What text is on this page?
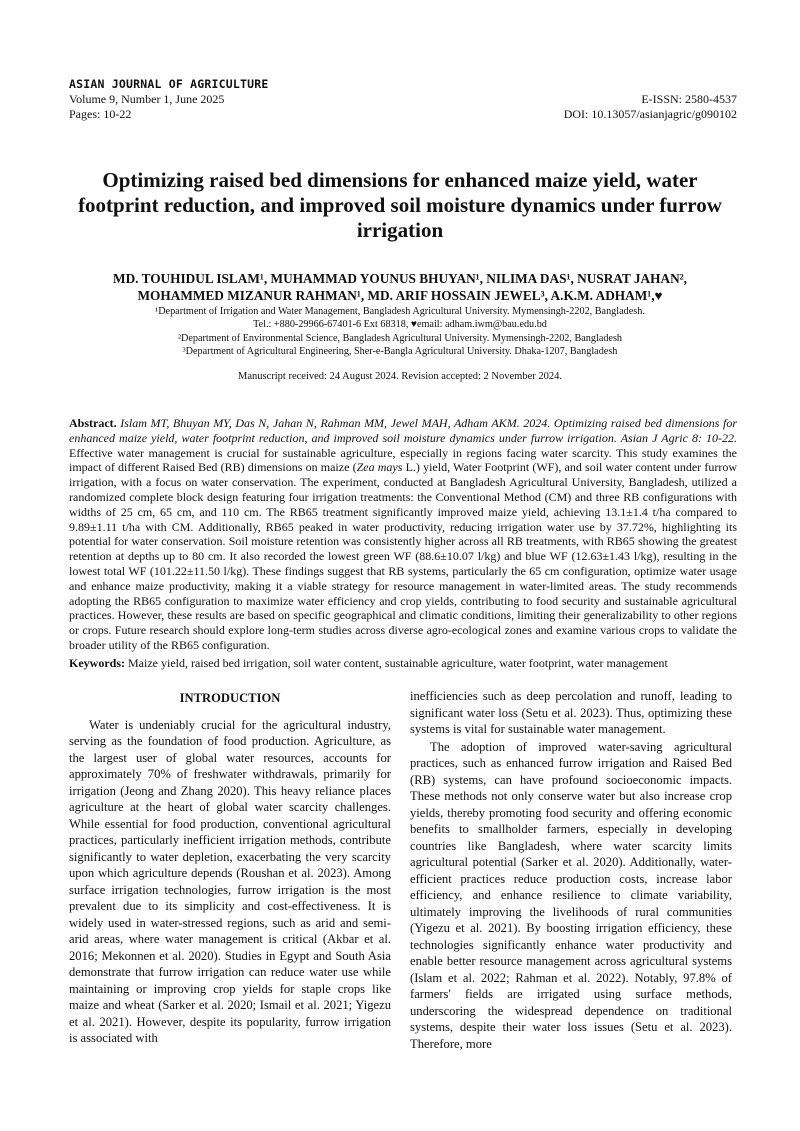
ASIAN JOURNAL OF AGRICULTURE
Volume 9, Number 1, June 2025	E-ISSN: 2580-4537
Pages: 10-22	DOI: 10.13057/asianjagric/g090102
Optimizing raised bed dimensions for enhanced maize yield, water footprint reduction, and improved soil moisture dynamics under furrow irrigation
MD. TOUHIDUL ISLAM¹, MUHAMMAD YOUNUS BHUYAN¹, NILIMA DAS¹, NUSRAT JAHAN²,
MOHAMMED MIZANUR RAHMAN¹, MD. ARIF HOSSAIN JEWEL³, A.K.M. ADHAM¹,♥
¹Department of Irrigation and Water Management, Bangladesh Agricultural University. Mymensingh-2202, Bangladesh.
Tel.: +880-29966-67401-6 Ext 68318, ♥email: adham.iwm@bau.edu.bd
²Department of Environmental Science, Bangladesh Agricultural University. Mymensingh-2202, Bangladesh
³Department of Agricultural Engineering, Sher-e-Bangla Agricultural University. Dhaka-1207, Bangladesh
Manuscript received: 24 August 2024. Revision accepted: 2 November 2024.
Abstract. Islam MT, Bhuyan MY, Das N, Jahan N, Rahman MM, Jewel MAH, Adham AKM. 2024. Optimizing raised bed dimensions for enhanced maize yield, water footprint reduction, and improved soil moisture dynamics under furrow irrigation. Asian J Agric 8: 10-22. Effective water management is crucial for sustainable agriculture, especially in regions facing water scarcity. This study examines the impact of different Raised Bed (RB) dimensions on maize (Zea mays L.) yield, Water Footprint (WF), and soil water content under furrow irrigation, with a focus on water conservation. The experiment, conducted at Bangladesh Agricultural University, Bangladesh, utilized a randomized complete block design featuring four irrigation treatments: the Conventional Method (CM) and three RB configurations with widths of 25 cm, 65 cm, and 110 cm. The RB65 treatment significantly improved maize yield, achieving 13.1±1.4 t/ha compared to 9.89±1.11 t/ha with CM. Additionally, RB65 peaked in water productivity, reducing irrigation water use by 37.72%, highlighting its potential for water conservation. Soil moisture retention was consistently higher across all RB treatments, with RB65 showing the greatest retention at depths up to 80 cm. It also recorded the lowest green WF (88.6±10.07 l/kg) and blue WF (12.63±1.43 l/kg), resulting in the lowest total WF (101.22±11.50 l/kg). These findings suggest that RB systems, particularly the 65 cm configuration, optimize water usage and enhance maize productivity, making it a viable strategy for resource management in water-limited areas. The study recommends adopting the RB65 configuration to maximize water efficiency and crop yields, contributing to food security and sustainable agricultural practices. However, these results are based on specific geographical and climatic conditions, limiting their generalizability to other regions or crops. Future research should explore long-term studies across diverse agro-ecological zones and examine various crops to validate the broader utility of the RB65 configuration.
Keywords: Maize yield, raised bed irrigation, soil water content, sustainable agriculture, water footprint, water management
INTRODUCTION

Water is undeniably crucial for the agricultural industry, serving as the foundation of food production. Agriculture, as the largest user of global water resources, accounts for approximately 70% of freshwater withdrawals, primarily for irrigation (Jeong and Zhang 2020). This heavy reliance places agriculture at the heart of global water scarcity challenges. While essential for food production, conventional agricultural practices, particularly inefficient irrigation methods, contribute significantly to water depletion, exacerbating the very scarcity upon which agriculture depends (Roushan et al. 2023). Among surface irrigation technologies, furrow irrigation is the most prevalent due to its simplicity and cost-effectiveness. It is widely used in water-stressed regions, such as arid and semi-arid areas, where water management is critical (Akbar et al. 2016; Mekonnen et al. 2020). Studies in Egypt and South Asia demonstrate that furrow irrigation can reduce water use while maintaining or improving crop yields for staple crops like maize and wheat (Sarker et al. 2020; Ismail et al. 2021; Yigezu et al. 2021). However, despite its popularity, furrow irrigation is associated with

inefficiencies such as deep percolation and runoff, leading to significant water loss (Setu et al. 2023). Thus, optimizing these systems is vital for sustainable water management.

The adoption of improved water-saving agricultural practices, such as enhanced furrow irrigation and Raised Bed (RB) systems, can have profound socioeconomic impacts. These methods not only conserve water but also increase crop yields, thereby promoting food security and offering economic benefits to smallholder farmers, especially in developing countries like Bangladesh, where water scarcity limits agricultural potential (Sarker et al. 2020). Additionally, water-efficient practices reduce production costs, increase labor efficiency, and enhance resilience to climate variability, ultimately improving the livelihoods of rural communities (Yigezu et al. 2021). By boosting irrigation efficiency, these technologies significantly enhance water productivity and enable better resource management across agricultural systems (Islam et al. 2022; Rahman et al. 2022). Notably, 97.8% of farmers' fields are irrigated using surface methods, underscoring the widespread dependence on traditional systems, despite their water loss issues (Setu et al. 2023). Therefore, more
